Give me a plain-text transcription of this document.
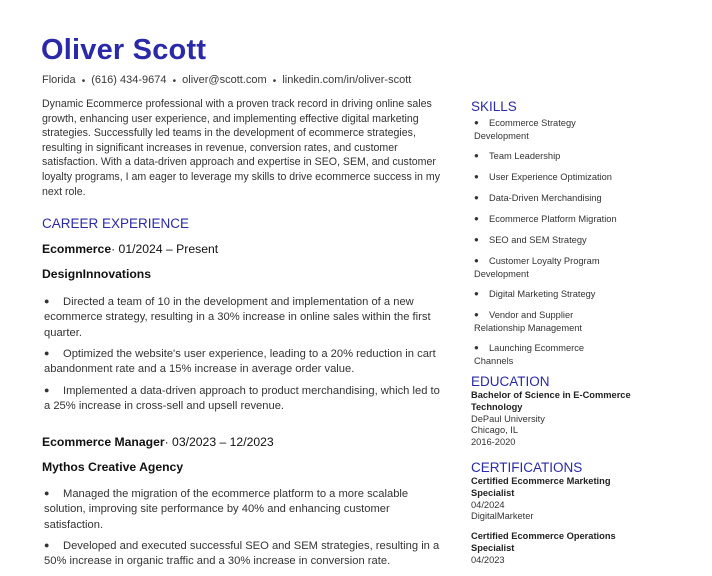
Oliver Scott
Florida • (616) 434-9674 • oliver@scott.com • linkedin.com/in/oliver-scott

Dynamic Ecommerce professional with a proven track record in driving online sales growth, enhancing user experience, and implementing effective digital marketing strategies. Successfully led teams in the development of ecommerce strategies, resulting in significant increases in revenue, conversion rates, and customer satisfaction. With a data-driven approach and expertise in SEO, SEM, and customer loyalty programs, I am eager to leverage my skills to drive ecommerce success in my next role.

CAREER EXPERIENCE
Ecommerce· 01/2024 – Present
DesignInnovations
● Directed a team of 10 in the development and implementation of a new ecommerce strategy, resulting in a 30% increase in online sales within the first quarter.
● Optimized the website's user experience, leading to a 20% reduction in cart abandonment rate and a 15% increase in average order value.
● Implemented a data-driven approach to product merchandising, which led to a 25% increase in cross-sell and upsell revenue.
Ecommerce Manager· 03/2023 – 12/2023
Mythos Creative Agency
● Managed the migration of the ecommerce platform to a more scalable solution, improving site performance by 40% and enhancing customer satisfaction.
● Developed and executed successful SEO and SEM strategies, resulting in a 50% increase in organic traffic and a 30% increase in conversion rate.
SKILLS
● Ecommerce Strategy Development
● Team Leadership
● User Experience Optimization
● Data-Driven Merchandising
● Ecommerce Platform Migration
● SEO and SEM Strategy
● Customer Loyalty Program Development
● Digital Marketing Strategy
● Vendor and Supplier Relationship Management
● Launching Ecommerce Channels
EDUCATION
Bachelor of Science in E-Commerce Technology
DePaul University
Chicago, IL
2016-2020
CERTIFICATIONS
Certified Ecommerce Marketing Specialist
04/2024
DigitalMarketer
Certified Ecommerce Operations Specialist
04/2023
